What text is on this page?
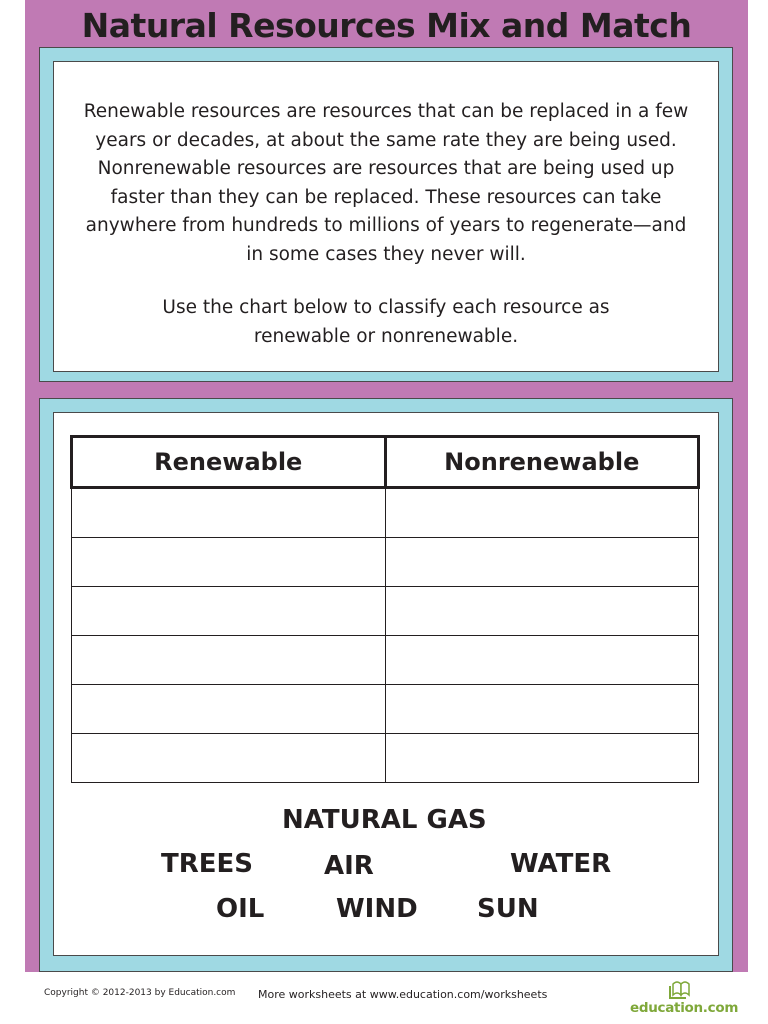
Natural Resources Mix and Match
Renewable resources are resources that can be replaced in a few
years or decades, at about the same rate they are being used.
Nonrenewable resources are resources that are being used up
faster than they can be replaced. These resources can take
anywhere from hundreds to millions of years to regenerate—and
in some cases they never will.
Use the chart below to classify each resource as
renewable or nonrenewable.
Renewable	Nonrenewable

NATURAL GAS
TREES	AIR	WATER
OIL	WIND SUN
Copyright © 2012-2013 by Education.com More worksheets at www.education.com/worksheets
education.com
